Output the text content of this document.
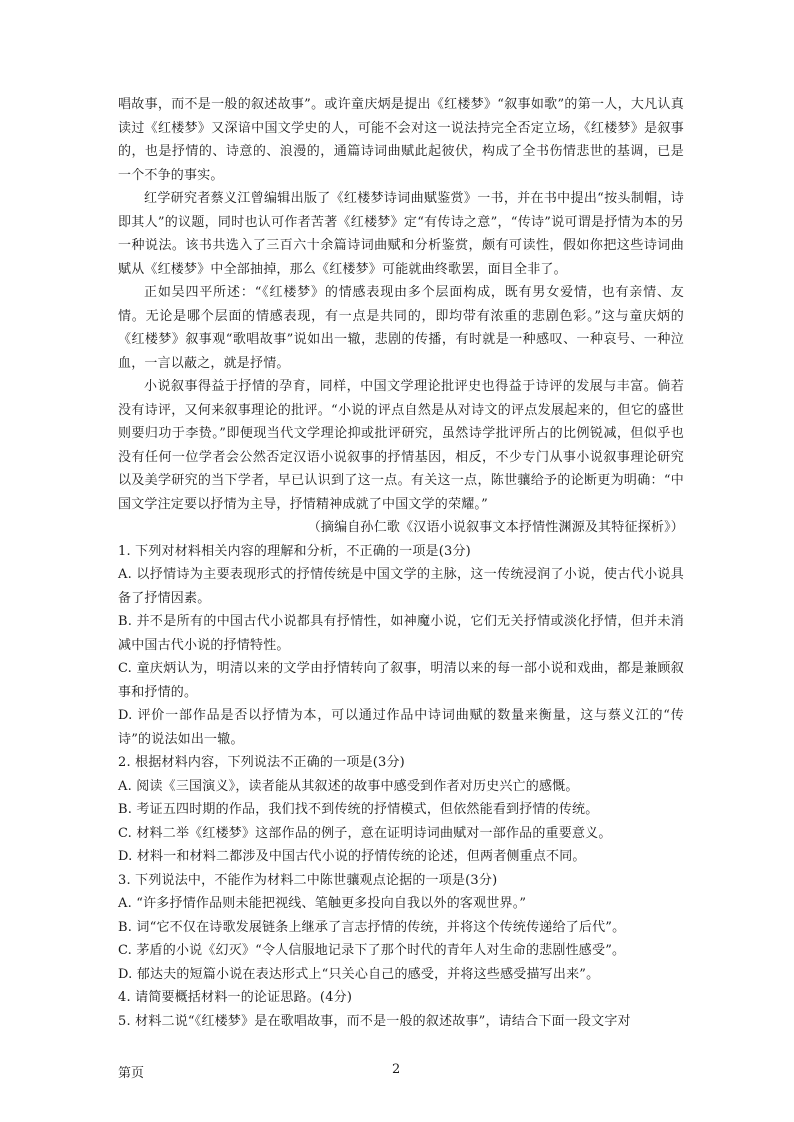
唱故事，而不是一般的叙述故事”。或许童庆炳是提出《红楼梦》“叙事如歌”的第一人，大凡认真读过《红楼梦》又深谙中国文学史的人，可能不会对这一说法持完全否定立场，《红楼梦》是叙事的，也是抒情的、诗意的、浪漫的，通篇诗词曲赋此起彼伏，构成了全书伤情悲世的基调，已是一个不争的事实。

红学研究者蔡义江曾编辑出版了《红楼梦诗词曲赋鉴赏》一书，并在书中提出“按头制帽，诗即其人”的议题，同时也认可作者苦著《红楼梦》定“有传诗之意”，“传诗”说可谓是抒情为本的另一种说法。该书共选入了三百六十余篇诗词曲赋和分析鉴赏，颇有可读性，假如你把这些诗词曲赋从《红楼梦》中全部抽掉，那么《红楼梦》可能就曲终歌罢，面目全非了。

正如吴四平所述：“《红楼梦》的情感表现由多个层面构成，既有男女爱情，也有亲情、友情。无论是哪个层面的情感表现，有一点是共同的，即均带有浓重的悲剧色彩。”这与童庆炳的《红楼梦》叙事观“歌唱故事”说如出一辙，悲剧的传播，有时就是一种感叹、一种哀号、一种泣血，一言以蔽之，就是抒情。

小说叙事得益于抒情的孕育，同样，中国文学理论批评史也得益于诗评的发展与丰富。倘若没有诗评，又何来叙事理论的批评。“小说的评点自然是从对诗文的评点发展起来的，但它的盛世则要归功于李贽。”即便现当代文学理论抑或批评研究，虽然诗学批评所占的比例锐减，但似乎也没有任何一位学者会公然否定汉语小说叙事的抒情基因，相反，不少专门从事小说叙事理论研究以及美学研究的当下学者，早已认识到了这一点。有关这一点，陈世骧给予的论断更为明确：“中国文学注定要以抒情为主导，抒情精神成就了中国文学的荣耀。”

（摘编自孙仁歌《汉语小说叙事文本抒情性渊源及其特征探析》）

1. 下列对材料相关内容的理解和分析，不正确的一项是(3分)

A. 以抒情诗为主要表现形式的抒情传统是中国文学的主脉，这一传统浸润了小说，使古代小说具备了抒情因素。

B. 并不是所有的中国古代小说都具有抒情性，如神魔小说，它们无关抒情或淡化抒情，但并未消减中国古代小说的抒情特性。

C. 童庆炳认为，明清以来的文学由抒情转向了叙事，明清以来的每一部小说和戏曲，都是兼顾叙事和抒情的。

D. 评价一部作品是否以抒情为本，可以通过作品中诗词曲赋的数量来衡量，这与蔡义江的“传诗”的说法如出一辙。

2. 根据材料内容，下列说法不正确的一项是(3分)

A. 阅读《三国演义》，读者能从其叙述的故事中感受到作者对历史兴亡的感慨。

B. 考证五四时期的作品，我们找不到传统的抒情模式，但依然能看到抒情的传统。

C. 材料二举《红楼梦》这部作品的例子，意在证明诗词曲赋对一部作品的重要意义。

D. 材料一和材料二都涉及中国古代小说的抒情传统的论述，但两者侧重点不同。

3. 下列说法中，不能作为材料二中陈世骧观点论据的一项是(3分)

A. “许多抒情作品则未能把视线、笔触更多投向自我以外的客观世界。”

B. 词“它不仅在诗歌发展链条上继承了言志抒情的传统，并将这个传统传递给了后代”。

C. 茅盾的小说《幻灭》“令人信服地记录下了那个时代的青年人对生命的悲剧性感受”。

D. 郁达夫的短篇小说在表达形式上“只关心自己的感受，并将这些感受描写出来”。

4. 请简要概括材料一的论证思路。(4分)

5. 材料二说“《红楼梦》是在歌唱故事，而不是一般的叙述故事”，请结合下面一段文字对

第页	2
